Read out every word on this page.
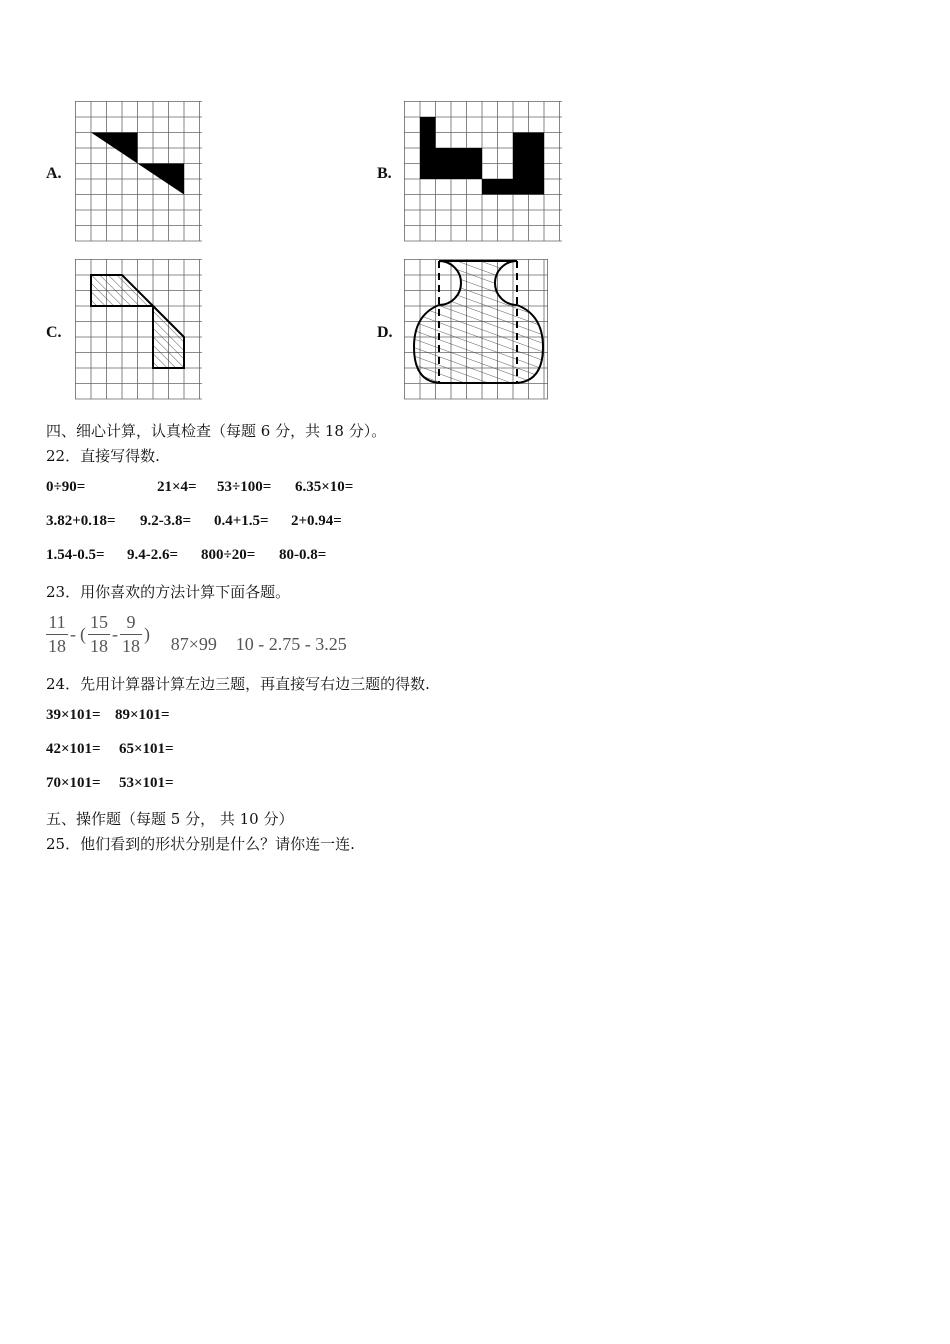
A.	B.
C.	D.
四、细心计算，认真检查（每题 6 分，共 18 分）。
22．直接写得数.
0÷90=	21×4= 53÷100= 6.35×10=
3.82+0.18= 9.2-3.8= 0.4+1.5= 2+0.94=
1.54-0.5= 9.4-2.6= 800÷20= 80-0.8=
23．用你喜欢的方法计算下面各题。
$\frac{11}{18}$ - ( $\frac{15}{18} - \frac{9}{18}$ ) 87×99 10 - 2.75 - 3.25
24．先用计算器计算左边三题，再直接写右边三题的得数.
39×101= 89×101=
42×101= 65×101=
70×101= 53×101=
五、操作题（每题 5 分， 共 10 分）
25．他们看到的形状分别是什么？请你连一连.
